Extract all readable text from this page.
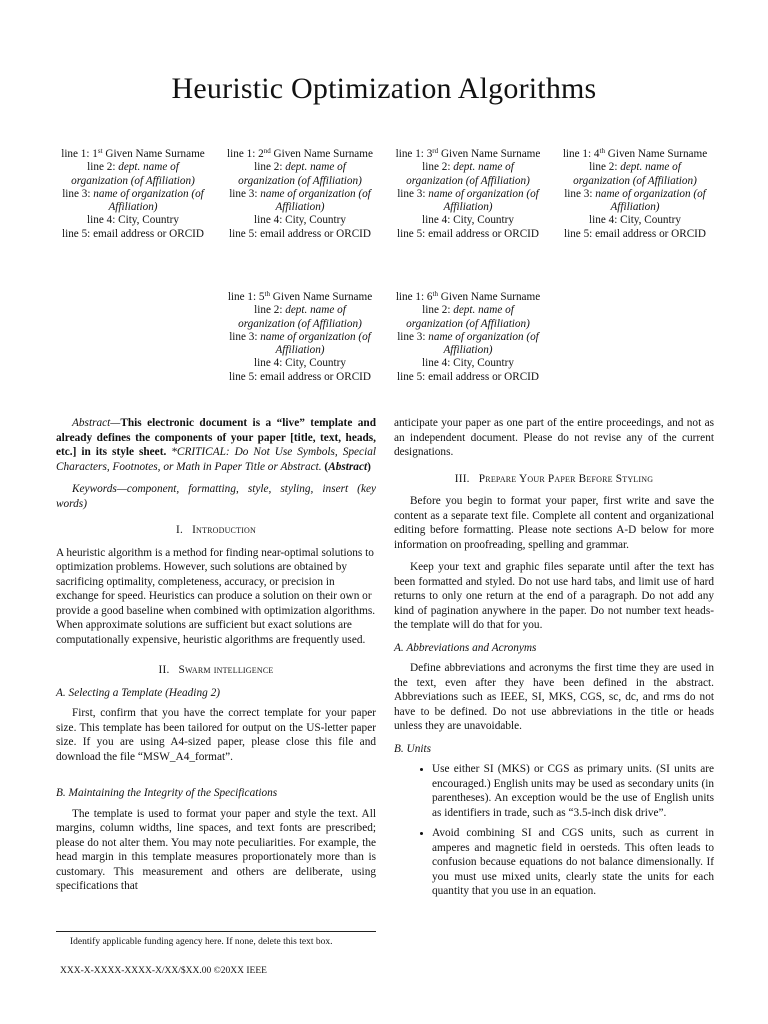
Heuristic Optimization Algorithms
line 1: 1st Given Name Surname
line 2: dept. name of
organization (of Affiliation)
line 3: name of organization (of
Affiliation)
line 4: City, Country
line 5: email address or ORCID
line 1: 2nd Given Name Surname
line 2: dept. name of
organization (of Affiliation)
line 3: name of organization (of
Affiliation)
line 4: City, Country
line 5: email address or ORCID
line 1: 3rd Given Name Surname
line 2: dept. name of
organization (of Affiliation)
line 3: name of organization (of
Affiliation)
line 4: City, Country
line 5: email address or ORCID
line 1: 4th Given Name Surname
line 2: dept. name of
organization (of Affiliation)
line 3: name of organization (of
Affiliation)
line 4: City, Country
line 5: email address or ORCID
line 1: 5th Given Name Surname
line 2: dept. name of
organization (of Affiliation)
line 3: name of organization (of
Affiliation)
line 4: City, Country
line 5: email address or ORCID
line 1: 6th Given Name Surname
line 2: dept. name of
organization (of Affiliation)
line 3: name of organization (of
Affiliation)
line 4: City, Country
line 5: email address or ORCID

Abstract—This electronic document is a “live” template and already defines the components of your paper [title, text, heads, etc.] in its style sheet. *CRITICAL: Do Not Use Symbols, Special Characters, Footnotes, or Math in Paper Title or Abstract. (Abstract)

Keywords—component, formatting, style, styling, insert (key words)

I. Introduction

A heuristic algorithm is a method for finding near-optimal solutions to optimization problems. However, such solutions are obtained by sacrificing optimality, completeness, accuracy, or precision in exchange for speed. Heuristics can produce a solution on their own or provide a good baseline when combined with optimization algorithms. When approximate solutions are sufficient but exact solutions are computationally expensive, heuristic algorithms are frequently used.

II. Swarm intelligence
A. Selecting a Template (Heading 2)

First, confirm that you have the correct template for your paper size. This template has been tailored for output on the US-letter paper size. If you are using A4-sized paper, please close this file and download the file “MSW_A4_format”.

B. Maintaining the Integrity of the Specifications

The template is used to format your paper and style the text. All margins, column widths, line spaces, and text fonts are prescribed; please do not alter them. You may note peculiarities. For example, the head margin in this template measures proportionately more than is customary. This measurement and others are deliberate, using specifications that

anticipate your paper as one part of the entire proceedings, and not as an independent document. Please do not revise any of the current designations.

III. Prepare Your Paper Before Styling

Before you begin to format your paper, first write and save the content as a separate text file. Complete all content and organizational editing before formatting. Please note sections A-D below for more information on proofreading, spelling and grammar.

Keep your text and graphic files separate until after the text has been formatted and styled. Do not use hard tabs, and limit use of hard returns to only one return at the end of a paragraph. Do not add any kind of pagination anywhere in the paper. Do not number text heads-the template will do that for you.

A. Abbreviations and Acronyms

Define abbreviations and acronyms the first time they are used in the text, even after they have been defined in the abstract. Abbreviations such as IEEE, SI, MKS, CGS, sc, dc, and rms do not have to be defined. Do not use abbreviations in the title or heads unless they are unavoidable.

B. Units
• Use either SI (MKS) or CGS as primary units. (SI units are encouraged.) English units may be used as secondary units (in parentheses). An exception would be the use of English units as identifiers in trade, such as “3.5-inch disk drive”.
• Avoid combining SI and CGS units, such as current in amperes and magnetic field in oersteds. This often leads to confusion because equations do not balance dimensionally. If you must use mixed units, clearly state the units for each quantity that you use in an equation.
Identify applicable funding agency here. If none, delete this text box.
XXX-X-XXXX-XXXX-X/XX/$XX.00 ©20XX IEEE
